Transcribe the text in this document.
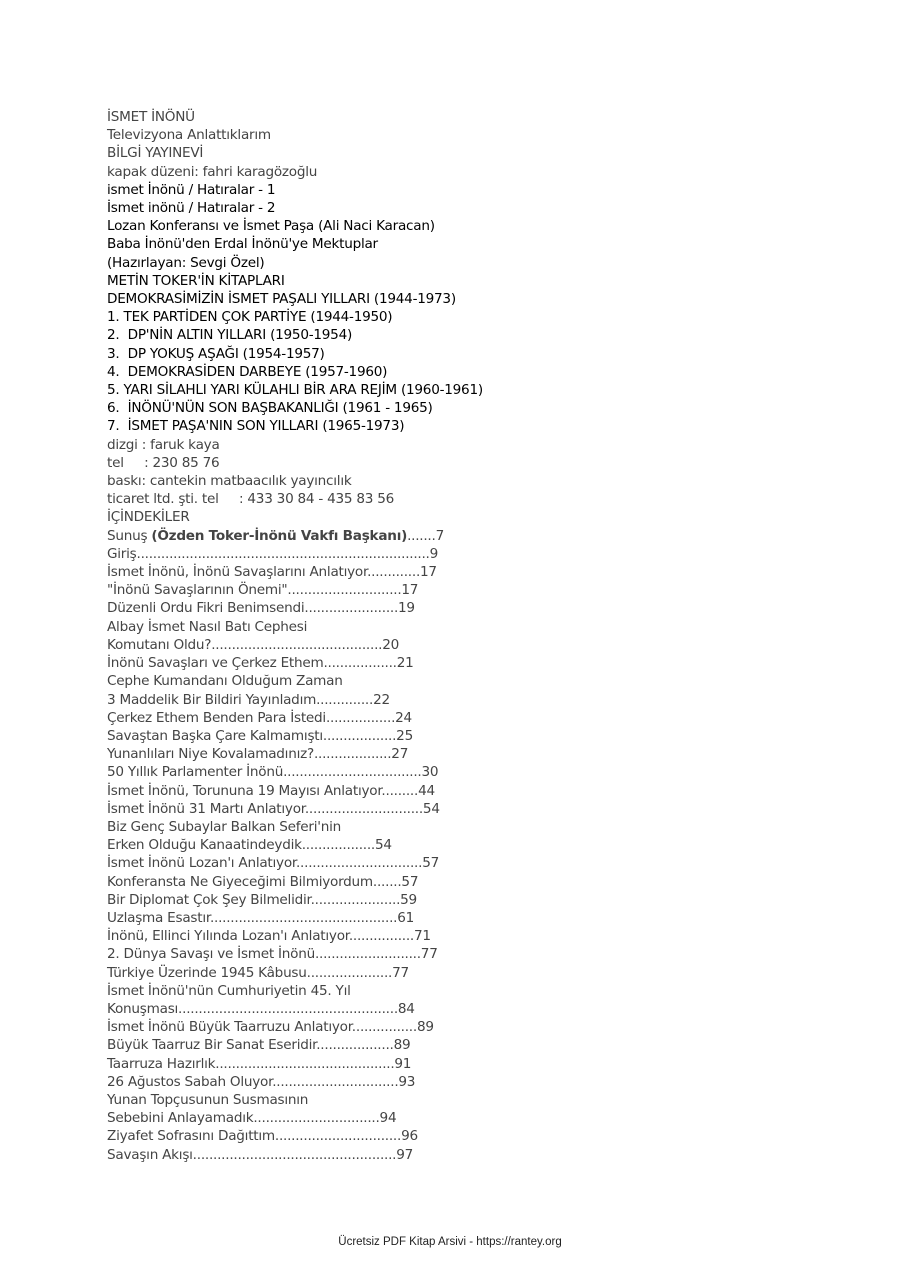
İSMET İNÖNÜ
Televizyona Anlattıklarım
BİLGİ YAYINEVİ
kapak düzeni: fahri karagözoğlu
ismet İnönü / Hatıralar - 1
İsmet inönü / Hatıralar - 2
Lozan Konferansı ve İsmet Paşa (Ali Naci Karacan)
Baba İnönü'den Erdal İnönü'ye Mektuplar
(Hazırlayan: Sevgi Özel)
METİN TOKER'İN KİTAPLARI
DEMOKRASİMİZİN İSMET PAŞALI YILLARI (1944-1973)
1. TEK PARTİDEN ÇOK PARTİYE (1944-1950)
2.  DP'NİN ALTIN YILLARI (1950-1954)
3.  DP YOKUŞ AŞAĞI (1954-1957)
4.  DEMOKRASİDEN DARBEYE (1957-1960)
5. YARI SİLAHLI YARI KÜLAHLI BİR ARA REJİM (1960-1961)
6.  İNÖNÜ'NÜN SON BAŞBAKANLIĞI (1961 - 1965)
7.  İSMET PAŞA'NIN SON YILLARI (1965-1973)
dizgi : faruk kaya
tel     : 230 85 76
baskı: cantekin matbaacılık yayıncılık
ticaret ltd. şti. tel     : 433 30 84 - 435 83 56
İÇİNDEKİLER
Sunuş (Özden Toker-İnönü Vakfı Başkanı).......7
Giriş........................................................................9
İsmet İnönü, İnönü Savaşlarını Anlatıyor.............17
"İnönü Savaşlarının Önemi"............................17
Düzenli Ordu Fikri Benimsendi.......................19
Albay İsmet Nasıl Batı Cephesi
Komutanı Oldu?..........................................20
İnönü Savaşları ve Çerkez Ethem..................21
Cephe Kumandanı Olduğum Zaman
3 Maddelik Bir Bildiri Yayınladım..............22
Çerkez Ethem Benden Para İstedi.................24
Savaştan Başka Çare Kalmamıştı..................25
Yunanlıları Niye Kovalamadınız?...................27
50 Yıllık Parlamenter İnönü..................................30
İsmet İnönü, Torununa 19 Mayısı Anlatıyor.........44
İsmet İnönü 31 Martı Anlatıyor.............................54
Biz Genç Subaylar Balkan Seferi'nin
Erken Olduğu Kanaatindeydik..................54
İsmet İnönü Lozan'ı Anlatıyor...............................57
Konferansta Ne Giyeceğimi Bilmiyordum.......57
Bir Diplomat Çok Şey Bilmelidir......................59
Uzlaşma Esastır..............................................61
İnönü, Ellinci Yılında Lozan'ı Anlatıyor................71
2. Dünya Savaşı ve İsmet İnönü..........................77
Türkiye Üzerinde 1945 Kâbusu.....................77
İsmet İnönü'nün Cumhuriyetin 45. Yıl
Konuşması......................................................84
İsmet İnönü Büyük Taarruzu Anlatıyor................89
Büyük Taarruz Bir Sanat Eseridir...................89
Taarruza Hazırlık............................................91
26 Ağustos Sabah Oluyor...............................93
Yunan Topçusunun Susmasının
Sebebini Anlayamadık...............................94
Ziyafet Sofrasını Dağıttım...............................96
Savaşın Akışı..................................................97
Ücretsiz PDF Kitap Arsivi - https://rantey.org
